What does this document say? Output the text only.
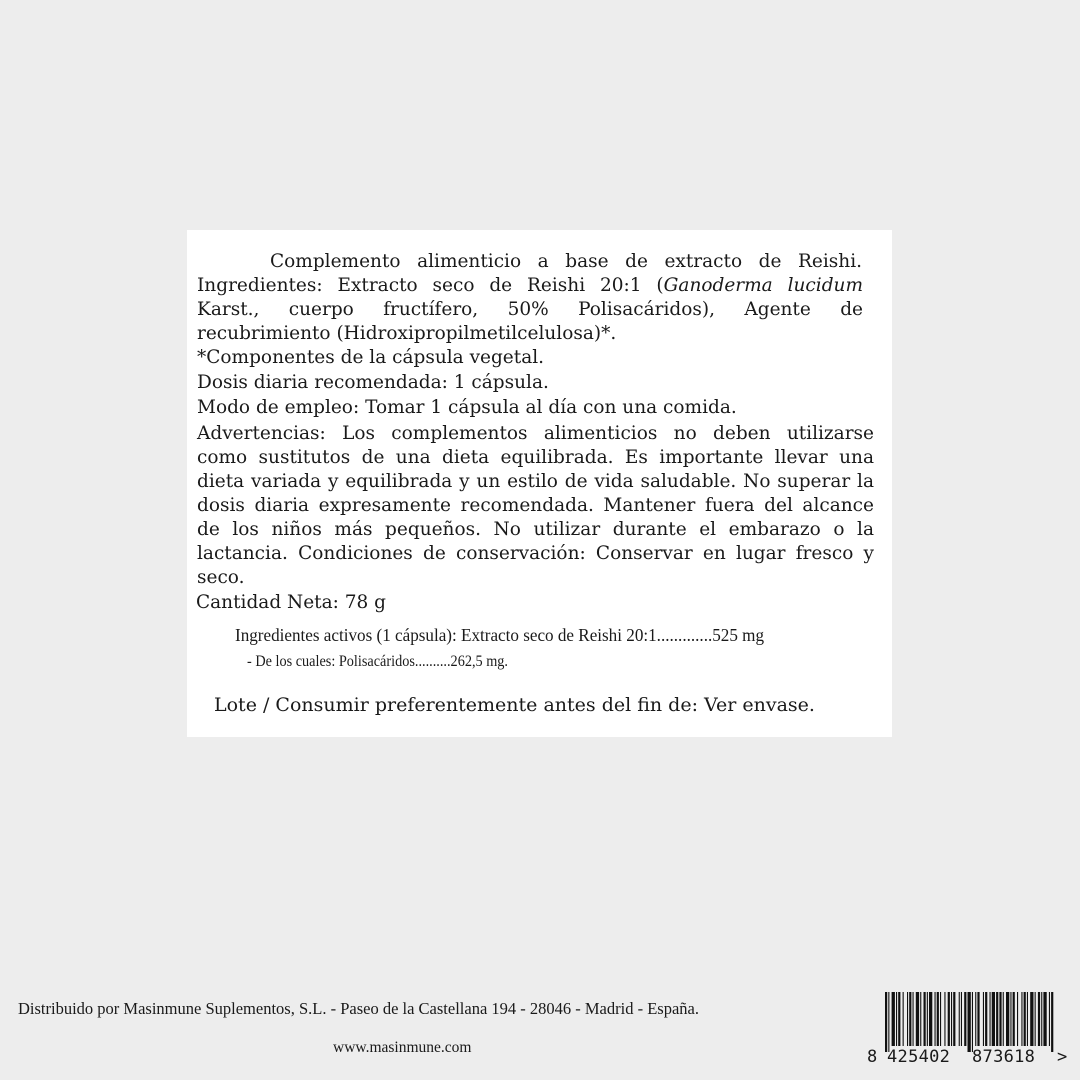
Complemento alimenticio a base de extracto de Reishi.
Ingredientes: Extracto seco de Reishi 20:1 (Ganoderma lucidum
Karst., cuerpo fructífero, 50% Polisacáridos), Agente de
recubrimiento (Hidroxipropilmetilcelulosa)*.
*Componentes de la cápsula vegetal.
Dosis diaria recomendada: 1 cápsula.
Modo de empleo: Tomar 1 cápsula al día con una comida.
Advertencias: Los complementos alimenticios no deben utilizarse
como sustitutos de una dieta equilibrada. Es importante llevar una
dieta variada y equilibrada y un estilo de vida saludable. No superar la
dosis diaria expresamente recomendada. Mantener fuera del alcance
de los niños más pequeños. No utilizar durante el embarazo o la
lactancia. Condiciones de conservación: Conservar en lugar fresco y
seco.
Cantidad Neta: 78 g
Ingredientes activos (1 cápsula): Extracto seco de Reishi 20:1.............525 mg
- De los cuales: Polisacáridos..........262,5 mg.
Lote / Consumir preferentemente antes del fin de: Ver envase.
Distribuido por Masinmune Suplementos, S.L. - Paseo de la Castellana 194 - 28046 - Madrid - España.
www.masinmune.com	8 425402 873618 >
